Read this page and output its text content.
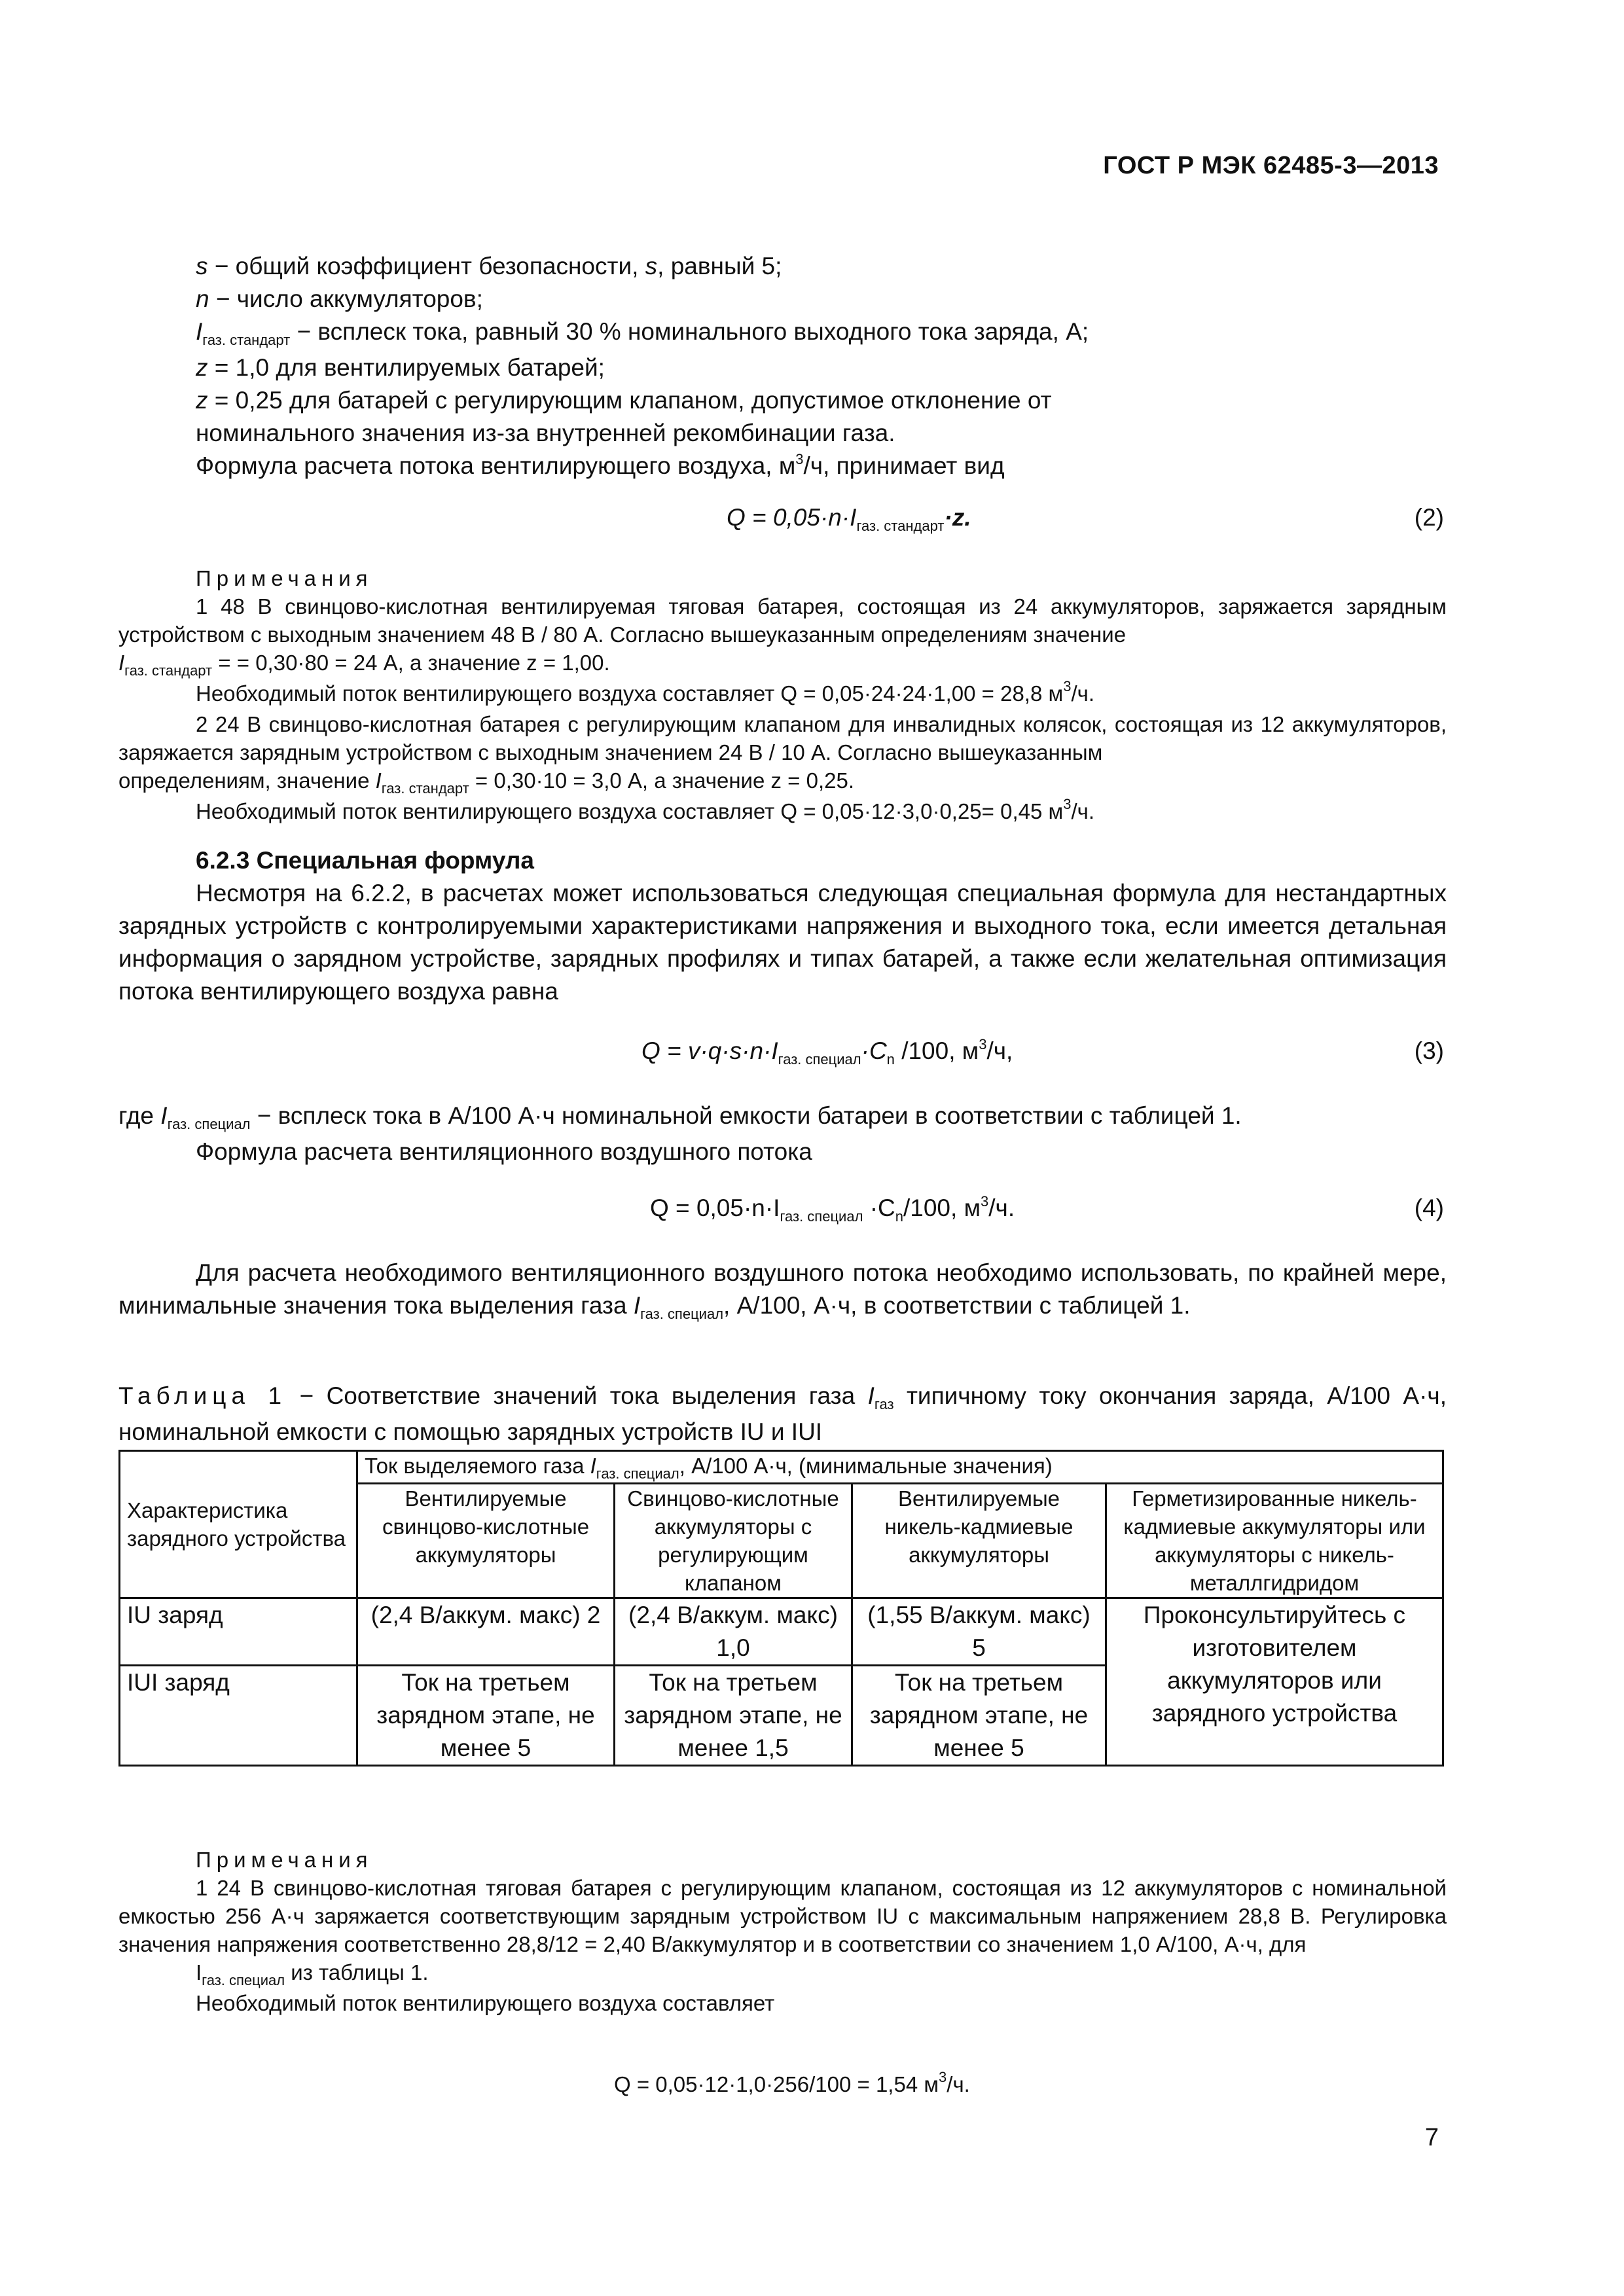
ГОСТ Р МЭК 62485-3—2013
s − общий коэффициент безопасности, s, равный 5;
n − число аккумуляторов;
$I_{газ. стандарт}$ − всплеск тока, равный 30 % номинального выходного тока заряда, А;
z = 1,0 для вентилируемых батарей;
z = 0,25 для батарей с регулирующим клапаном, допустимое отклонение от
номинального значения из-за внутренней рекомбинации газа.
Формула расчета потока вентилирующего воздуха, $м^3/ч$, принимает вид
$Q = 0,05\cdot n\cdot I_{газ. стандарт}\cdot z$.	(2)
Примечания
1 48 В свинцово-кислотная вентилируемая тяговая батарея, состоящая из 24 аккумуляторов, заряжается зарядным устройством с выходным значением 48 В / 80 А. Согласно вышеуказанным определениям значение
$I_{газ. стандарт}$ = = 0,30·80 = 24 А, а значение z = 1,00.
Необходимый поток вентилирующего воздуха составляет Q = 0,05·24·24·1,00 = 28,8 $м^3/ч$.
2 24 В свинцово-кислотная батарея с регулирующим клапаном для инвалидных колясок, состоящая из 12 аккумуляторов, заряжается зарядным устройством с выходным значением 24 В / 10 А. Согласно вышеуказанным
определениям, значение $I_{газ. стандарт} = 0,30\cdot 10 = 3,0$ А, а значение z = 0,25.
Необходимый поток вентилирующего воздуха составляет Q = 0,05·12·3,0·0,25= 0,45 $м^3/ч$.
6.2.3 Специальная формула
Несмотря на 6.2.2, в расчетах может использоваться следующая специальная формула для нестандартных зарядных устройств с контролируемыми характеристиками напряжения и выходного тока, если имеется детальная информация о зарядном устройстве, зарядных профилях и типах батарей, а также если желательная оптимизация потока вентилирующего воздуха равна
$Q = v\cdot q\cdot s\cdot n\cdot I_{газ. специал}\cdot C_n$ /100, $м^3/ч$,	(3)
где $I_{газ. специал}$ − всплеск тока в А/100 А·ч номинальной емкости батареи в соответствии с таблицей 1.
Формула расчета вентиляционного воздушного потока
$Q = 0,05\cdot n\cdot I_{газ. специал} \cdot C_n/100$, $м^3/ч$.	(4)
Для расчета необходимого вентиляционного воздушного потока необходимо использовать, по крайней мере, минимальные значения тока выделения газа $I_{газ. специал}$, А/100, А·ч, в соответствии с таблицей 1.
Таблица 1 − Соответствие значений тока выделения газа $I_{газ}$ типичному току окончания заряда, А/100 А·ч, номинальной емкости с помощью зарядных устройств IU и IUI
Характеристика зарядного устройства	Ток выделяемого газа $I_{газ. специал}$, А/100 А·ч, (минимальные значения)			
	Вентилируемые свинцово-кислотные аккумуляторы	Свинцово-кислотные аккумуляторы с регулирующим клапаном	Вентилируемые никель-кадмиевые аккумуляторы	Герметизированные никель-кадмиевые аккумуляторы или аккумуляторы с никель-металлгидридом
IU заряд	(2,4 В/аккум. макс) 2	(2,4 В/аккум. макс) 1,0	(1,55 В/аккум. макс) 5	Проконсультируйтесь с изготовителем аккумуляторов или зарядного устройства
IUI заряд	Ток на третьем зарядном этапе, не менее 5	Ток на третьем зарядном этапе, не менее 1,5	Ток на третьем зарядном этапе, не менее 5	
Примечания
1 24 В свинцово-кислотная тяговая батарея с регулирующим клапаном, состоящая из 12 аккумуляторов с номинальной емкостью 256 А·ч заряжается соответствующим зарядным устройством IU с максимальным напряжением 28,8 В. Регулировка значения напряжения соответственно 28,8/12 = 2,40 В/аккумулятор и в соответствии со значением 1,0 А/100, А·ч, для
$I_{газ. специал}$ из таблицы 1.
Необходимый поток вентилирующего воздуха составляет
Q = 0,05·12·1,0·256/100 = 1,54 $м^3/ч$.
7
